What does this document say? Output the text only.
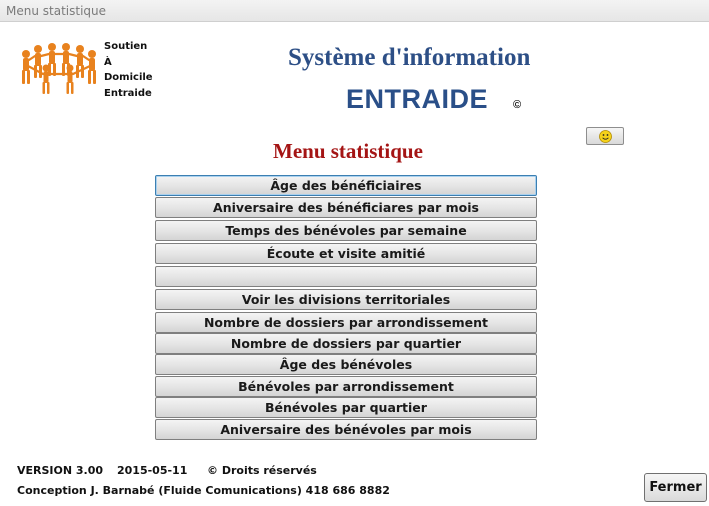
Menu statistique
Soutien
À
Domicile
Entraide
Système d'information
ENTRAIDE ©
Menu statistique
Âge des bénéficiaires
Aniversaire des bénéficiares par mois
Temps des bénévoles par semaine
Écoute et visite amitié
Voir les divisions territoriales
Nombre de dossiers par arrondissement
Nombre de dossiers par quartier
Âge des bénévoles
Bénévoles par arrondissement
Bénévoles par quartier
Aniversaire des bénévoles par mois
VERSION 3.00 2015-05-11 © Droits réservés
Conception J. Barnabé (Fluide Comunications) 418 686 8882	Fermer
